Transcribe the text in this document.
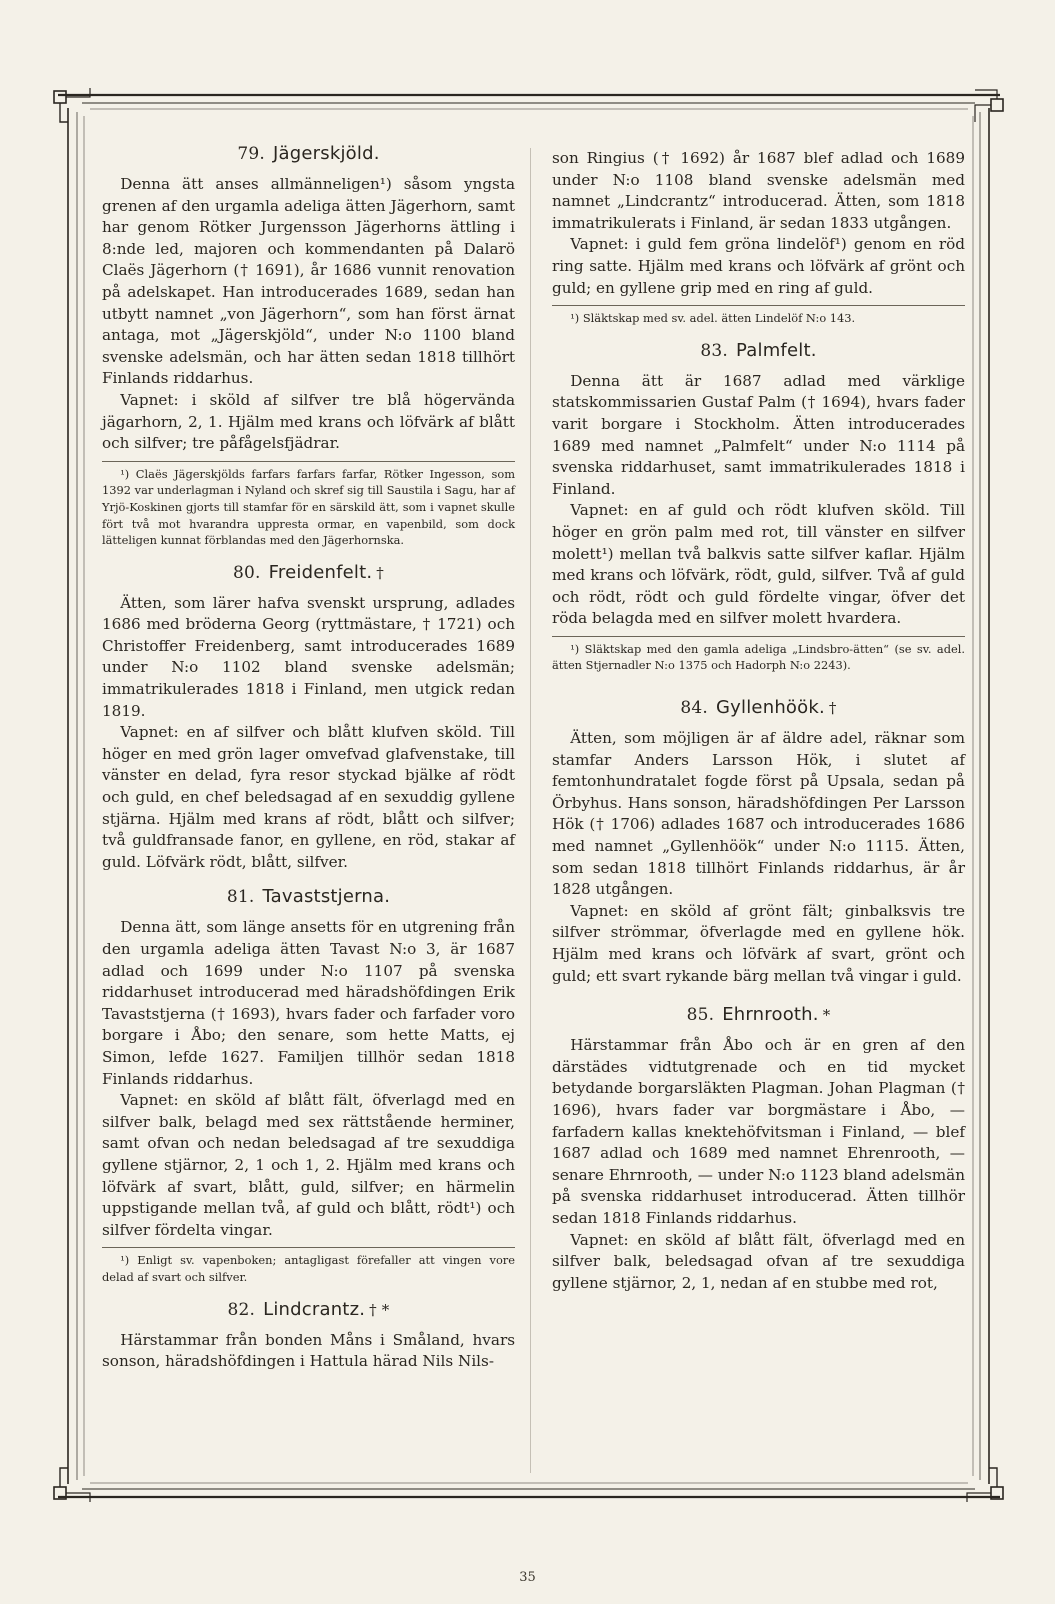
79. Jägerskjöld.

Denna ätt anses allmänneligen¹) såsom yngsta grenen af den urgamla adeliga ätten Jägerhorn, samt har genom Rötker Jurgensson Jägerhorns ättling i 8:nde led, majoren och kommendanten på Dalarö Claës Jägerhorn († 1691), år 1686 vunnit renovation på adelskapet. Han introducerades 1689, sedan han utbytt namnet „von Jägerhorn“, som han först ärnat antaga, mot „Jägerskjöld“, under N:o 1100 bland svenske adelsmän, och har ätten sedan 1818 tillhört Finlands riddarhus.

Vapnet: i sköld af silfver tre blå högervända jägarhorn, 2, 1. Hjälm med krans och löfvärk af blått och silfver; tre påfågelsfjädrar.

¹) Claës Jägerskjölds farfars farfars farfar, Rötker Ingesson, som 1392 var underlagman i Nyland och skref sig till Saustila i Sagu, har af Yrjö-Koskinen gjorts till stamfar för en särskild ätt, som i vapnet skulle fört två mot hvarandra uppresta ormar, en vapenbild, som dock lätteligen kunnat förblandas med den Jägerhornska.
80. Freidenfelt. †

Ätten, som lärer hafva svenskt ursprung, adlades 1686 med bröderna Georg (ryttmästare, † 1721) och Christoffer Freidenberg, samt introducerades 1689 under N:o 1102 bland svenske adelsmän; immatrikulerades 1818 i Finland, men utgick redan 1819.

Vapnet: en af silfver och blått klufven sköld. Till höger en med grön lager omvefvad glafvenstake, till vänster en delad, fyra resor styckad bjälke af rödt och guld, en chef beledsagad af en sexuddig gyllene stjärna. Hjälm med krans af rödt, blått och silfver; två guldfransade fanor, en gyllene, en röd, stakar af guld. Löfvärk rödt, blått, silfver.

81. Tavaststjerna.

Denna ätt, som länge ansetts för en utgrening från den urgamla adeliga ätten Tavast N:o 3, är 1687 adlad och 1699 under N:o 1107 på svenska riddarhuset introducerad med häradshöfdingen Erik Tavaststjerna († 1693), hvars fader och farfader voro borgare i Åbo; den senare, som hette Matts, ej Simon, lefde 1627. Familjen tillhör sedan 1818 Finlands riddarhus.

Vapnet: en sköld af blått fält, öfverlagd med en silfver balk, belagd med sex rättstående herminer, samt ofvan och nedan beledsagad af tre sexuddiga gyllene stjärnor, 2, 1 och 1, 2. Hjälm med krans och löfvärk af svart, blått, guld, silfver; en härmelin uppstigande mellan två, af guld och blått, rödt¹) och silfver fördelta vingar.

¹) Enligt sv. vapenboken; antagligast förefaller att vingen vore delad af svart och silfver.
82. Lindcrantz. † *

Härstammar från bonden Måns i Småland, hvars sonson, häradshöfdingen i Hattula härad Nils Nils-

son Ringius († 1692) år 1687 blef adlad och 1689 under N:o 1108 bland svenske adelsmän med namnet „Lindcrantz“ introducerad. Ätten, som 1818 immatrikulerats i Finland, är sedan 1833 utgången.

Vapnet: i guld fem gröna lindelöf¹) genom en röd ring satte. Hjälm med krans och löfvärk af grönt och guld; en gyllene grip med en ring af guld.

¹) Släktskap med sv. adel. ätten Lindelöf N:o 143.
83. Palmfelt.

Denna ätt är 1687 adlad med värklige statskommissarien Gustaf Palm († 1694), hvars fader varit borgare i Stockholm. Ätten introducerades 1689 med namnet „Palmfelt“ under N:o 1114 på svenska riddarhuset, samt immatrikulerades 1818 i Finland.

Vapnet: en af guld och rödt klufven sköld. Till höger en grön palm med rot, till vänster en silfver molett¹) mellan två balkvis satte silfver kaflar. Hjälm med krans och löfvärk, rödt, guld, silfver. Två af guld och rödt, rödt och guld fördelte vingar, öfver det röda belagda med en silfver molett hvardera.

¹) Släktskap med den gamla adeliga „Lindsbro-ätten“ (se sv. adel. ätten Stjernadler N:o 1375 och Hadorph N:o 2243).
84. Gyllenhöök. †

Ätten, som möjligen är af äldre adel, räknar som stamfar Anders Larsson Hök, i slutet af femtonhundratalet fogde först på Upsala, sedan på Örbyhus. Hans sonson, häradshöfdingen Per Larsson Hök († 1706) adlades 1687 och introducerades 1686 med namnet „Gyllenhöök“ under N:o 1115. Ätten, som sedan 1818 tillhört Finlands riddarhus, är år 1828 utgången.

Vapnet: en sköld af grönt fält; ginbalksvis tre silfver strömmar, öfverlagde med en gyllene hök. Hjälm med krans och löfvärk af svart, grönt och guld; ett svart rykande bärg mellan två vingar i guld.

85. Ehrnrooth. *

Härstammar från Åbo och är en gren af den därstädes vidtutgrenade och en tid mycket betydande borgarsläkten Plagman. Johan Plagman († 1696), hvars fader var borgmästare i Åbo, — farfadern kallas knektehöfvitsman i Finland, — blef 1687 adlad och 1689 med namnet Ehrenrooth, — senare Ehrnrooth, — under N:o 1123 bland adelsmän på svenska riddarhuset introducerad. Ätten tillhör sedan 1818 Finlands riddarhus.

Vapnet: en sköld af blått fält, öfverlagd med en silfver balk, beledsagad ofvan af tre sexuddiga gyllene stjärnor, 2, 1, nedan af en stubbe med rot,

35
